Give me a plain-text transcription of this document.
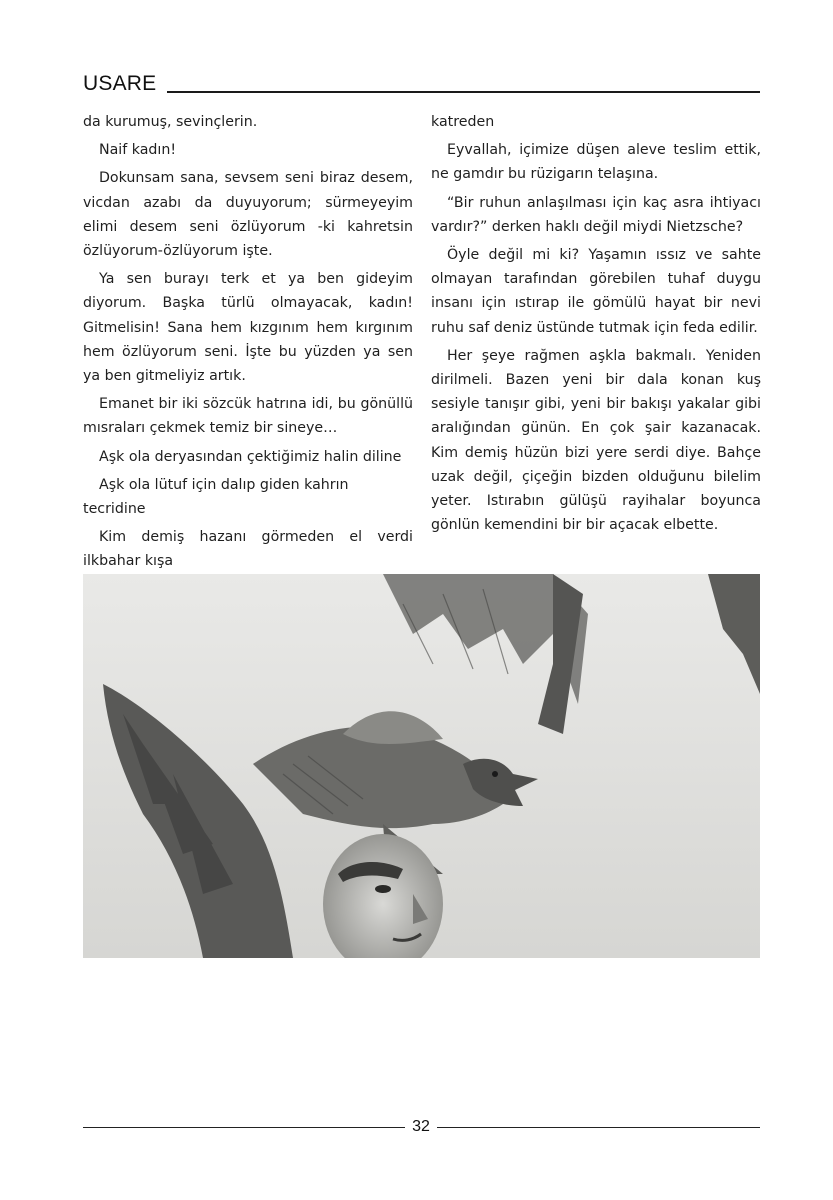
USARE

da kurumuş, sevinçlerin.

Naif kadın!

Dokunsam sana, sevsem seni biraz desem, vicdan azabı da duyuyorum; sürmeyeyim elimi desem seni özlüyorum -ki kahretsin özlüyorum-özlüyorum işte.

Ya sen burayı terk et ya ben gideyim diyorum. Başka türlü olmayacak, kadın! Gitmelisin! Sana hem kızgınım hem kırgınım hem özlüyorum seni. İşte bu yüzden ya sen ya ben gitmeliyiz artık.

Emanet bir iki sözcük hatrına idi, bu gönüllü mısraları çekmek temiz bir sineye…

Aşk ola deryasından çektiğimiz halin diline

Aşk ola lütuf için dalıp giden kahrın tecridine

Kim demiş hazanı görmeden el verdi ilkbahar kışa

katreden

Eyvallah, içimize düşen aleve teslim ettik, ne gamdır bu rüzigarın telaşına.

“Bir ruhun anlaşılması için kaç asra ihtiyacı vardır?” derken haklı değil miydi Nietzsche?

Öyle değil mi ki? Yaşamın ıssız ve sahte olmayan tarafından görebilen tuhaf duygu insanı için ıstırap ile gömülü hayat bir nevi ruhu saf deniz üstünde tutmak için feda edilir.

Her şeye rağmen aşkla bakmalı. Yeniden dirilmeli. Bazen yeni bir dala konan kuş sesiyle tanışır gibi, yeni bir bakışı yakalar gibi aralığından günün. En çok şair kazanacak. Kim demiş hüzün bizi yere serdi diye. Bahçe uzak değil, çiçeğin bizden olduğunu bilelim yeter. Istırabın gülüşü rayihalar boyunca gönlün kemendini bir bir açacak elbette.

32
